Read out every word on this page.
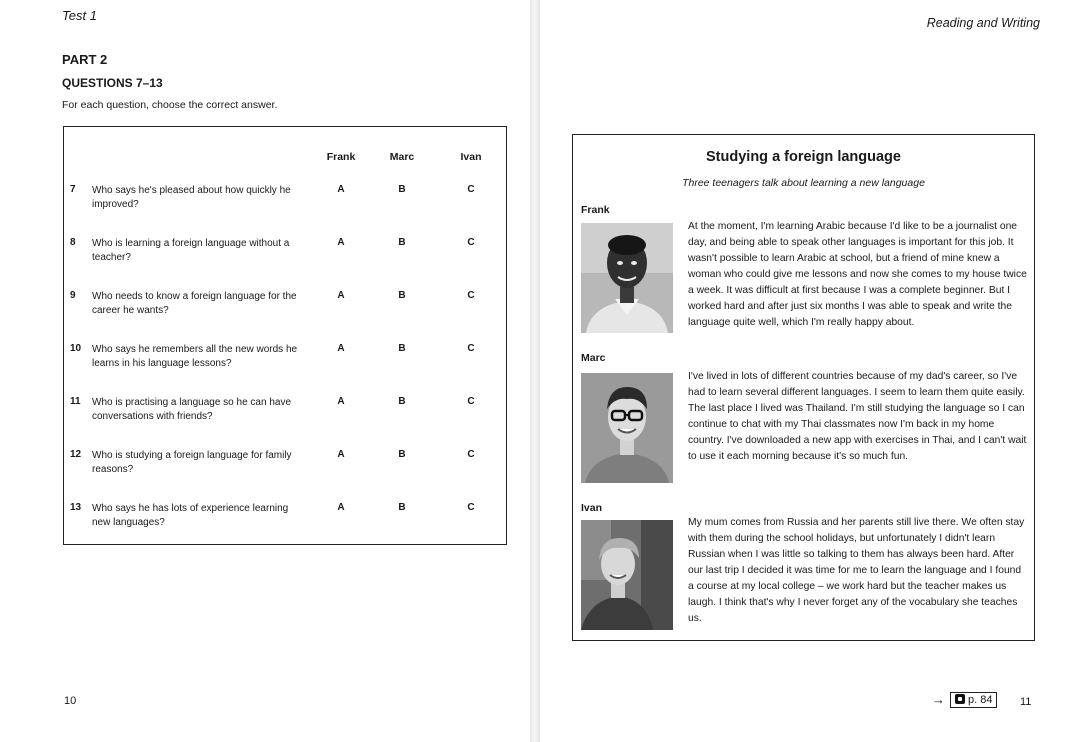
Test 1
PART 2
QUESTIONS 7–13
For each question, choose the correct answer.
Frank	Marc	Ivan
7 Who says he's pleased about how quickly he improved?
A	B	C
8 Who is learning a foreign language without a teacher?
A	B	C
9 Who needs to know a foreign language for the career he wants?
A	B	C
10 Who says he remembers all the new words he learns in his language lessons?
A	B	C
11 Who is practising a language so he can have conversations with friends?
A	B	C
12 Who is studying a foreign language for family reasons?
A	B	C
13 Who says he has lots of experience learning new languages?
A	B	C
10
Reading and Writing
Studying a foreign language
Three teenagers talk about learning a new language
Frank
At the moment, I'm learning Arabic because I'd like to be a journalist one day, and being able to speak other languages is important for this job. It wasn't possible to learn Arabic at school, but a friend of mine knew a woman who could give me lessons and now she comes to my house twice a week. It was difficult at first because I was a complete beginner. But I worked hard and after just six months I was able to speak and write the language quite well, which I'm really happy about.
Marc
I've lived in lots of different countries because of my dad's career, so I've had to learn several different languages. I seem to learn them quite easily. The last place I lived was Thailand. I'm still studying the language so I can continue to chat with my Thai classmates now I'm back in my home country. I've downloaded a new app with exercises in Thai, and I can't wait to use it each morning because it's so much fun.
Ivan
My mum comes from Russia and her parents still live there. We often stay with them during the school holidays, but unfortunately I didn't learn Russian when I was little so talking to them has always been hard. After our last trip I decided it was time for me to learn the language and I found a course at my local college – we work hard but the teacher makes us laugh. I think that's why I never forget any of the vocabulary she teaches us.
→	p. 84	11
